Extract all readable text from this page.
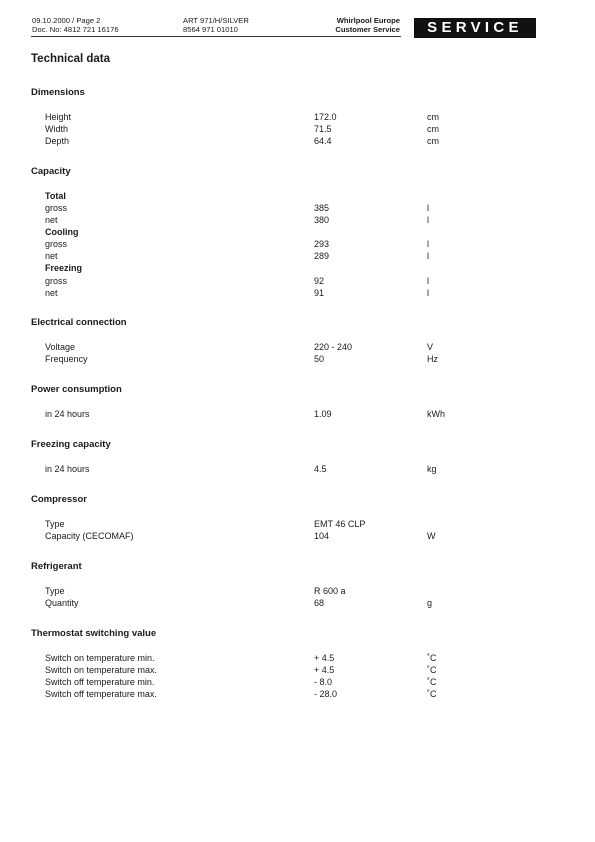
09.10.2000 / Page 2
Doc. No: 4812 721 16176
ART 971/H/SILVER
8564 971 01010
Whirlpool Europe
Customer Service	SERVICE
Technical data
Dimensions
Height	172.0	cm
Width	71.5	cm
Depth	64.4	cm
Capacity
Total
gross	385	l
net	380	l
Cooling
gross	293	l
net	289	l
Freezing
gross	92	l
net	91	l
Electrical connection
Voltage	220 - 240	V
Frequency	50	Hz
Power consumption
in 24 hours	1.09	kWh
Freezing capacity
in 24 hours	4.5	kg
Compressor
Type	EMT 46 CLP
Capacity (CECOMAF)	104	W
Refrigerant
Type	R 600 a
Quantity	68	g
Thermostat switching value
Switch on temperature min.	+ 4.5	˚C
Switch on temperature max.	+ 4.5	˚C
Switch off temperature min.	- 8.0	˚C
Switch off temperature max.	- 28.0	˚C
